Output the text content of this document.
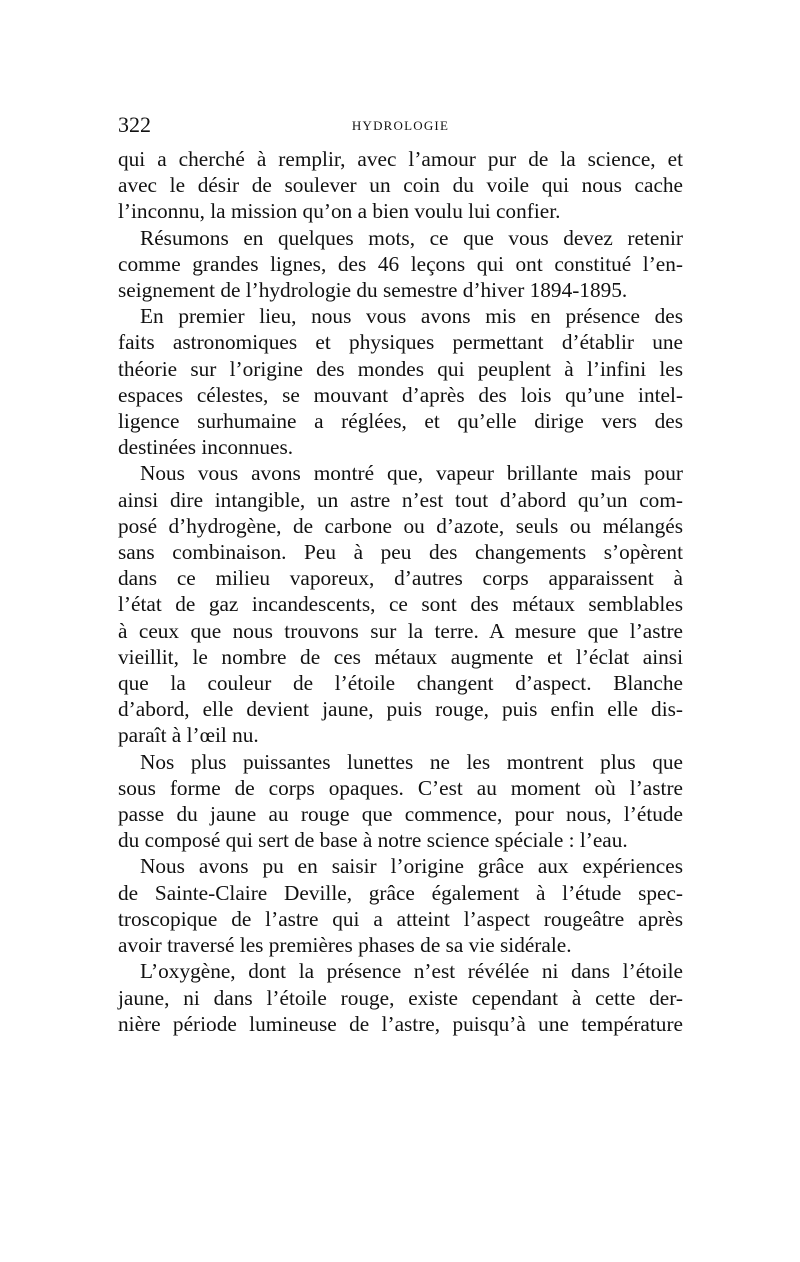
322	HYDROLOGIE
qui a cherché à remplir, avec l’amour pur de la science, et
avec le désir de soulever un coin du voile qui nous cache
l’inconnu, la mission qu’on a bien voulu lui confier.
Résumons en quelques mots, ce que vous devez retenir
comme grandes lignes, des 46 leçons qui ont constitué l’en-
seignement de l’hydrologie du semestre d’hiver 1894-1895.
En premier lieu, nous vous avons mis en présence des
faits astronomiques et physiques permettant d’établir une
théorie sur l’origine des mondes qui peuplent à l’infini les
espaces célestes, se mouvant d’après des lois qu’une intel-
ligence surhumaine a réglées, et qu’elle dirige vers des
destinées inconnues.
Nous vous avons montré que, vapeur brillante mais pour
ainsi dire intangible, un astre n’est tout d’abord qu’un com-
posé d’hydrogène, de carbone ou d’azote, seuls ou mélangés
sans combinaison. Peu à peu des changements s’opèrent
dans ce milieu vaporeux, d’autres corps apparaissent à
l’état de gaz incandescents, ce sont des métaux semblables
à ceux que nous trouvons sur la terre. A mesure que l’astre
vieillit, le nombre de ces métaux augmente et l’éclat ainsi
que la couleur de l’étoile changent d’aspect. Blanche
d’abord, elle devient jaune, puis rouge, puis enfin elle dis-
paraît à l’œil nu.
Nos plus puissantes lunettes ne les montrent plus que
sous forme de corps opaques. C’est au moment où l’astre
passe du jaune au rouge que commence, pour nous, l’étude
du composé qui sert de base à notre science spéciale : l’eau.
Nous avons pu en saisir l’origine grâce aux expériences
de Sainte-Claire Deville, grâce également à l’étude spec-
troscopique de l’astre qui a atteint l’aspect rougeâtre après
avoir traversé les premières phases de sa vie sidérale.
L’oxygène, dont la présence n’est révélée ni dans l’étoile
jaune, ni dans l’étoile rouge, existe cependant à cette der-
nière période lumineuse de l’astre, puisqu’à une température
